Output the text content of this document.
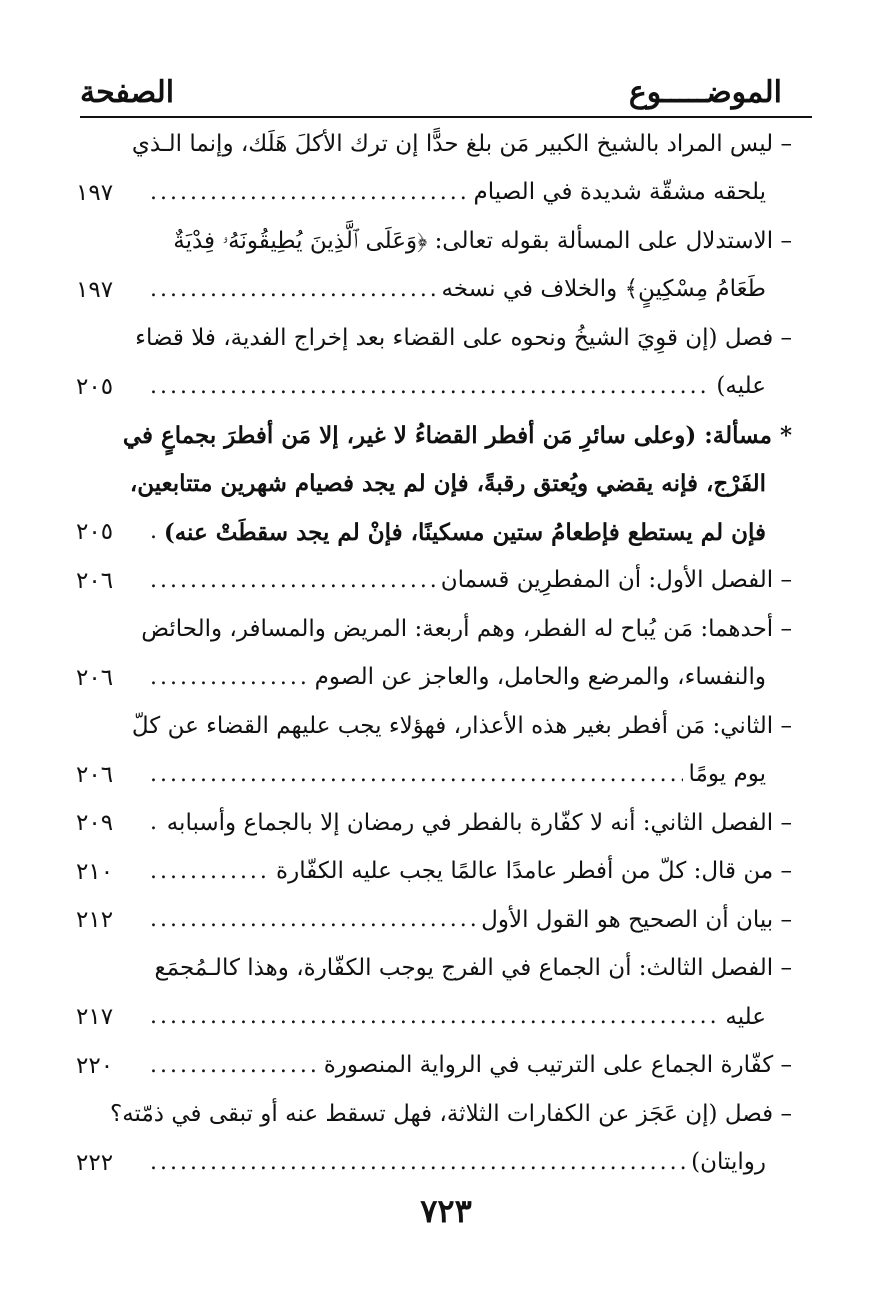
الموضـــــوع
الصفحة
– ليس المراد بالشيخ الكبير مَن بلغ حدًّا إن ترك الأكلَ هَلَك، وإنما الـذي
يلحقه مشقّة شديدة في الصيام
.....
١٩٧
– الاستدلال على المسألة بقوله تعالى: ﴿وَعَلَى ٱلَّذِينَ يُطِيقُونَهُۥ فِدْيَةٌ
طَعَامُ مِسْكِينٍ﴾ والخلاف في نسخه
.....
١٩٧
– فصل (إن قوِيَ الشيخُ ونحوه على القضاء بعد إخراج الفدية، فلا قضاء
عليه)
.....
٢٠٥
* مسألة: (وعلى سائرِ مَن أفطر القضاءُ لا غير، إلا مَن أفطرَ بجماعٍ في
الفَرْج، فإنه يقضي ويُعتق رقبةً، فإن لم يجد فصيام شهرين متتابعين،
فإن لم يستطع فإطعامُ ستين مسكينًا، فإنْ لم يجد سقطَتْ عنه)
.....
٢٠٥
– الفصل الأول: أن المفطرِين قسمان
.....
٢٠٦
– أحدهما: مَن يُباح له الفطر، وهم أربعة: المريض والمسافر، والحائض
والنفساء، والمرضع والحامل، والعاجز عن الصوم
.....
٢٠٦
– الثاني: مَن أفطر بغير هذه الأعذار، فهؤلاء يجب عليهم القضاء عن كلّ
يوم يومًا
.....
٢٠٦
– الفصل الثاني: أنه لا كفّارة بالفطر في رمضان إلا بالجماع وأسبابه
.....
٢٠٩
– من قال: كلّ من أفطر عامدًا عالمًا يجب عليه الكفّارة
.....
٢١٠
– بيان أن الصحيح هو القول الأول
.....
٢١٢
– الفصل الثالث: أن الجماع في الفرج يوجب الكفّارة، وهذا كالـمُجمَع
عليه
.....
٢١٧
– كفّارة الجماع على الترتيب في الرواية المنصورة
.....
٢٢٠
– فصل (إن عَجَز عن الكفارات الثلاثة، فهل تسقط عنه أو تبقى في ذمّته؟
روايتان)
.....
٢٢٢
٧٢٣
